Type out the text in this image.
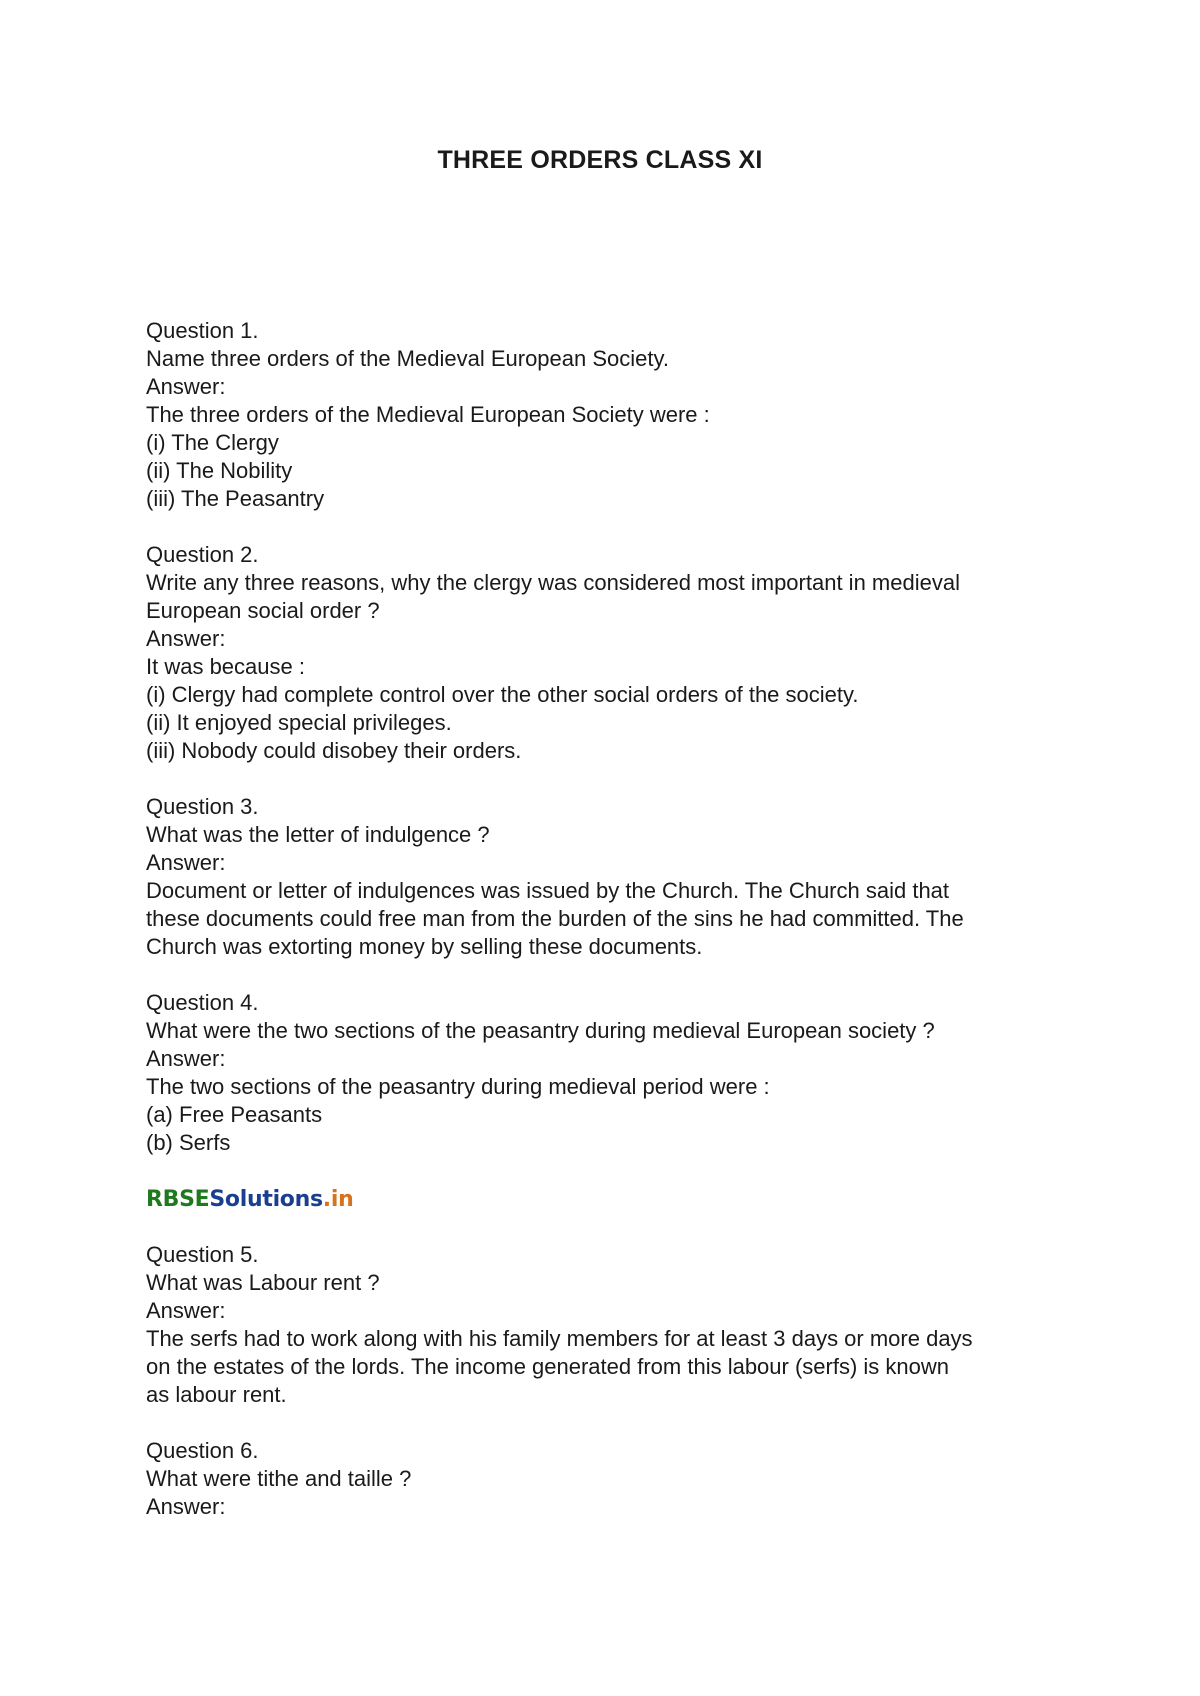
THREE ORDERS CLASS XI
Question 1.
Name three orders of the Medieval European Society.
Answer:
The three orders of the Medieval European Society were :
(i) The Clergy
(ii) The Nobility
(iii) The Peasantry
Question 2.
Write any three reasons, why the clergy was considered most important in medieval
European social order ?
Answer:
It was because :
(i) Clergy had complete control over the other social orders of the society.
(ii) It enjoyed special privileges.
(iii) Nobody could disobey their orders.
Question 3.
What was the letter of indulgence ?
Answer:
Document or letter of indulgences was issued by the Church. The Church said that
these documents could free man from the burden of the sins he had committed. The
Church was extorting money by selling these documents.
Question 4.
What were the two sections of the peasantry during medieval European society ?
Answer:
The two sections of the peasantry during medieval period were :
(a) Free Peasants
(b) Serfs
RBSESolutions.in
Question 5.
What was Labour rent ?
Answer:
The serfs had to work along with his family members for at least 3 days or more days
on the estates of the lords. The income generated from this labour (serfs) is known
as labour rent.
Question 6.
What were tithe and taille ?
Answer:
